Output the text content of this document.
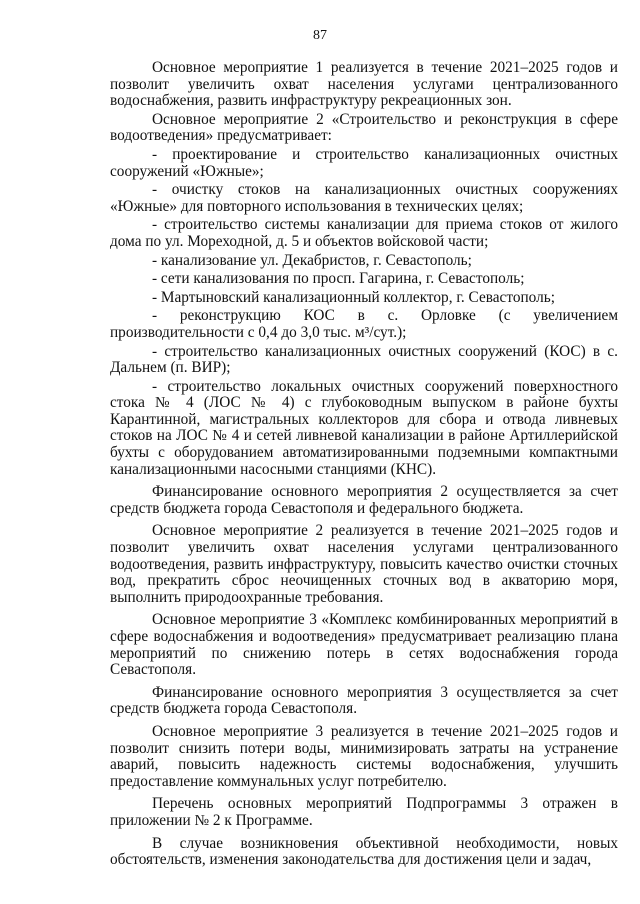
87

Основное мероприятие 1 реализуется в течение 2021–2025 годов и позволит увеличить охват населения услугами централизованного водоснабжения, развить инфраструктуру рекреационных зон.

Основное мероприятие 2 «Строительство и реконструкция в сфере водоотведения» предусматривает:

- проектирование и строительство канализационных очистных сооружений «Южные»;

- очистку стоков на канализационных очистных сооружениях «Южные» для повторного использования в технических целях;

- строительство системы канализации для приема стоков от жилого дома по ул. Мореходной, д. 5 и объектов войсковой части;

- канализование ул. Декабристов, г. Севастополь;

- сети канализования по просп. Гагарина, г. Севастополь;

- Мартыновский канализационный коллектор, г. Севастополь;

- реконструкцию КОС в с. Орловке (с увеличением производительности с 0,4 до 3,0 тыс. м³/сут.);

- строительство канализационных очистных сооружений (КОС) в с. Дальнем (п. ВИР);

- строительство локальных очистных сооружений поверхностного стока № 4 (ЛОС № 4) с глубоководным выпуском в районе бухты Карантинной, магистральных коллекторов для сбора и отвода ливневых стоков на ЛОС № 4 и сетей ливневой канализации в районе Артиллерийской бухты с оборудованием автоматизированными подземными компактными канализационными насосными станциями (КНС).

Финансирование основного мероприятия 2 осуществляется за счет средств бюджета города Севастополя и федерального бюджета.

Основное мероприятие 2 реализуется в течение 2021–2025 годов и позволит увеличить охват населения услугами централизованного водоотведения, развить инфраструктуру, повысить качество очистки сточных вод, прекратить сброс неочищенных сточных вод в акваторию моря, выполнить природоохранные требования.

Основное мероприятие 3 «Комплекс комбинированных мероприятий в сфере водоснабжения и водоотведения» предусматривает реализацию плана мероприятий по снижению потерь в сетях водоснабжения города Севастополя.

Финансирование основного мероприятия 3 осуществляется за счет средств бюджета города Севастополя.

Основное мероприятие 3 реализуется в течение 2021–2025 годов и позволит снизить потери воды, минимизировать затраты на устранение аварий, повысить надежность системы водоснабжения, улучшить предоставление коммунальных услуг потребителю.

Перечень основных мероприятий Подпрограммы 3 отражен в приложении № 2 к Программе.

В случае возникновения объективной необходимости, новых обстоятельств, изменения законодательства для достижения цели и задач,
